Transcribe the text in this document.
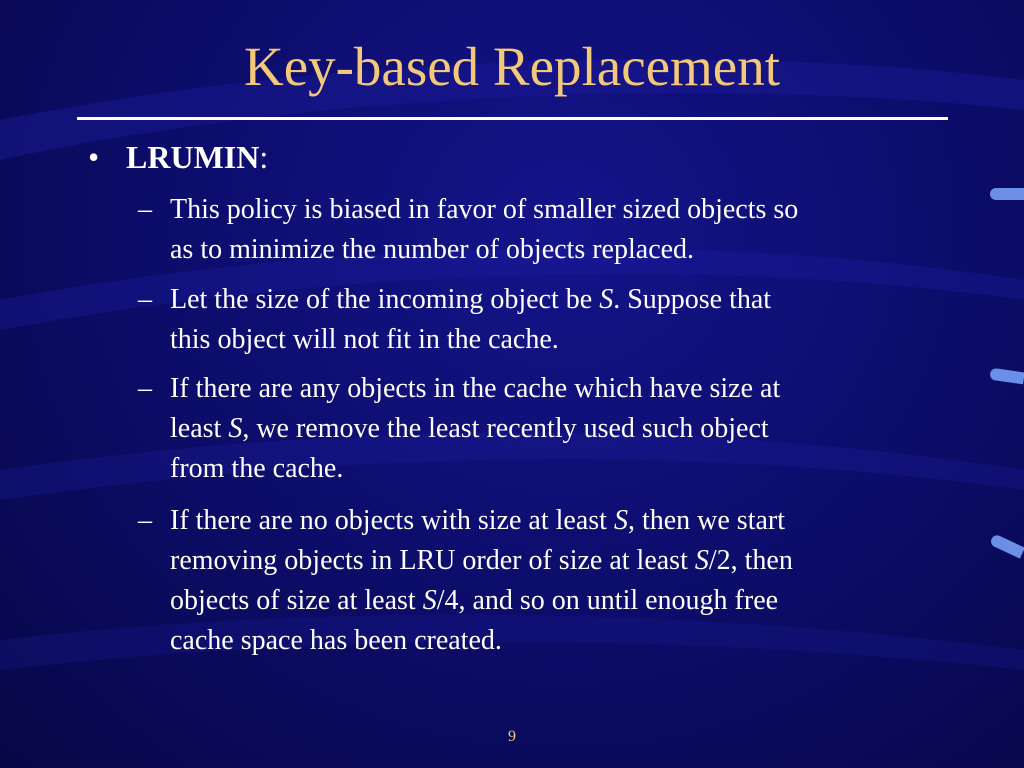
Key-based Replacement
• LRUMIN:
– This policy is biased in favor of smaller sized objects so
as to minimize the number of objects replaced.
– Let the size of the incoming object be S. Suppose that
this object will not fit in the cache.
– If there are any objects in the cache which have size at
least S, we remove the least recently used such object
from the cache.
– If there are no objects with size at least S, then we start
removing objects in LRU order of size at least S/2, then
objects of size at least S/4, and so on until enough free
cache space has been created.
9
